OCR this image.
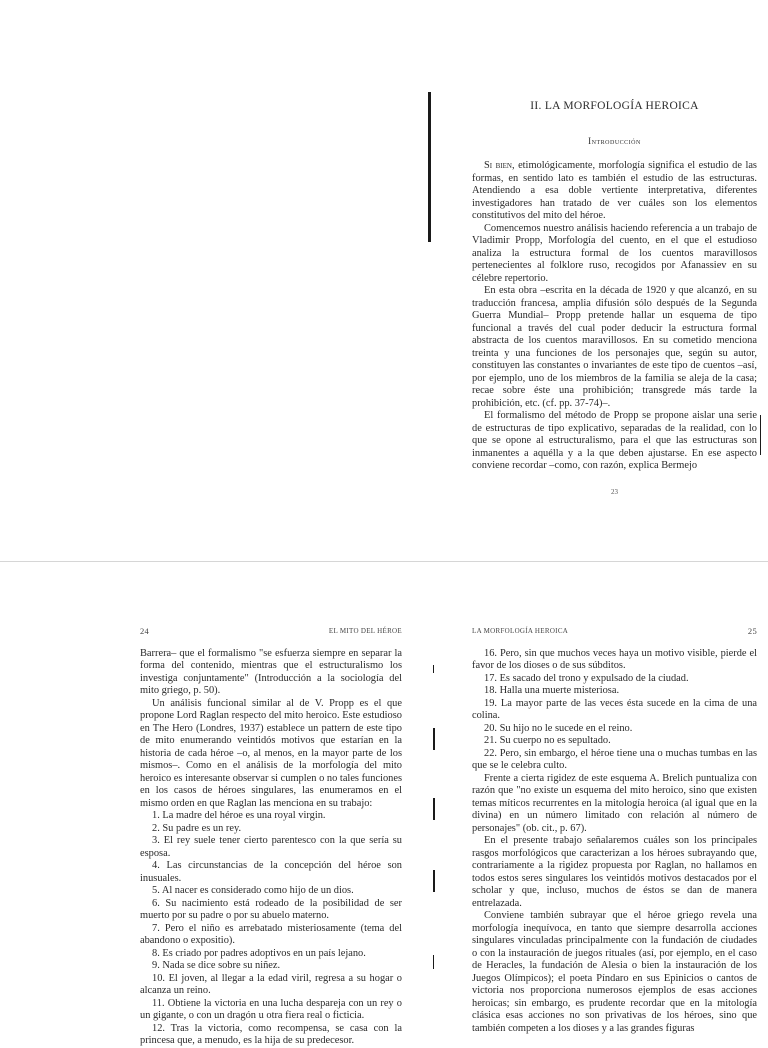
II. LA MORFOLOGÍA HEROICA
Introducción

Si bien, etimológicamente, morfología significa el estudio de las formas, en sentido lato es también el estudio de las estructuras. Atendiendo a esa doble vertiente interpretativa, diferentes investigadores han tratado de ver cuáles son los elementos constitutivos del mito del héroe.

Comencemos nuestro análisis haciendo referencia a un trabajo de Vladimir Propp, Morfología del cuento, en el que el estudioso analiza la estructura formal de los cuentos maravillosos pertenecientes al folklore ruso, recogidos por Afanassiev en su célebre repertorio.

En esta obra –escrita en la década de 1920 y que alcanzó, en su traducción francesa, amplia difusión sólo después de la Segunda Guerra Mundial– Propp pretende hallar un esquema de tipo funcional a través del cual poder deducir la estructura formal abstracta de los cuentos maravillosos. En su cometido menciona treinta y una funciones de los personajes que, según su autor, constituyen las constantes o invariantes de este tipo de cuentos –así, por ejemplo, uno de los miembros de la familia se aleja de la casa; recae sobre éste una prohibición; transgrede más tarde la prohibición, etc. (cf. pp. 37-74)–.

El formalismo del método de Propp se propone aislar una serie de estructuras de tipo explicativo, separadas de la realidad, con lo que se opone al estructuralismo, para el que las estructuras son inmanentes a aquélla y a la que deben ajustarse. En ese aspecto conviene recordar –como, con razón, explica Bermejo

23
24	EL MITO DEL HÉROE

Barrera– que el formalismo "se esfuerza siempre en separar la forma del contenido, mientras que el estructuralismo los investiga conjuntamente" (Introducción a la sociología del mito griego, p. 50).

Un análisis funcional similar al de V. Propp es el que propone Lord Raglan respecto del mito heroico. Este estudioso en The Hero (Londres, 1937) establece un pattern de este tipo de mito enumerando veintidós motivos que estarían en la historia de cada héroe –o, al menos, en la mayor parte de los mismos–. Como en el análisis de la morfología del mito heroico es interesante observar si cumplen o no tales funciones en los casos de héroes singulares, las enumeramos en el mismo orden en que Raglan las menciona en su trabajo:

1. La madre del héroe es una royal virgin.

2. Su padre es un rey.

3. El rey suele tener cierto parentesco con la que sería su esposa.

4. Las circunstancias de la concepción del héroe son inusuales.

5. Al nacer es considerado como hijo de un dios.

6. Su nacimiento está rodeado de la posibilidad de ser muerto por su padre o por su abuelo materno.

7. Pero el niño es arrebatado misteriosamente (tema del abandono o expositio).

8. Es criado por padres adoptivos en un país lejano.

9. Nada se dice sobre su niñez.

10. El joven, al llegar a la edad viril, regresa a su hogar o alcanza un reino.

11. Obtiene la victoria en una lucha despareja con un rey o un gigante, o con un dragón u otra fiera real o ficticia.

12. Tras la victoria, como recompensa, se casa con la princesa que, a menudo, es la hija de su predecesor.

LA MORFOLOGÍA HEROICA	25

16. Pero, sin que muchos veces haya un motivo visible, pierde el favor de los dioses o de sus súbditos.

17. Es sacado del trono y expulsado de la ciudad.

18. Halla una muerte misteriosa.

19. La mayor parte de las veces ésta sucede en la cima de una colina.

20. Su hijo no le sucede en el reino.

21. Su cuerpo no es sepultado.

22. Pero, sin embargo, el héroe tiene una o muchas tumbas en las que se le celebra culto.

Frente a cierta rigidez de este esquema A. Brelich puntualiza con razón que "no existe un esquema del mito heroico, sino que existen temas míticos recurrentes en la mitología heroica (al igual que en la divina) en un número limitado con relación al número de personajes" (ob. cit., p. 67).

En el presente trabajo señalaremos cuáles son los principales rasgos morfológicos que caracterizan a los héroes subrayando que, contrariamente a la rigidez propuesta por Raglan, no hallamos en todos estos seres singulares los veintidós motivos destacados por el scholar y que, incluso, muchos de éstos se dan de manera entrelazada.

Conviene también subrayar que el héroe griego revela una morfología inequívoca, en tanto que siempre desarrolla acciones singulares vinculadas principalmente con la fundación de ciudades o con la instauración de juegos rituales (así, por ejemplo, en el caso de Heracles, la fundación de Alesia o bien la instauración de los Juegos Olímpicos); el poeta Píndaro en sus Epinicios o cantos de victoria nos proporciona numerosos ejemplos de esas acciones heroicas; sin embargo, es prudente recordar que en la mitología clásica esas acciones no son privativas de los héroes, sino que también competen a los dioses y a las grandes figuras
